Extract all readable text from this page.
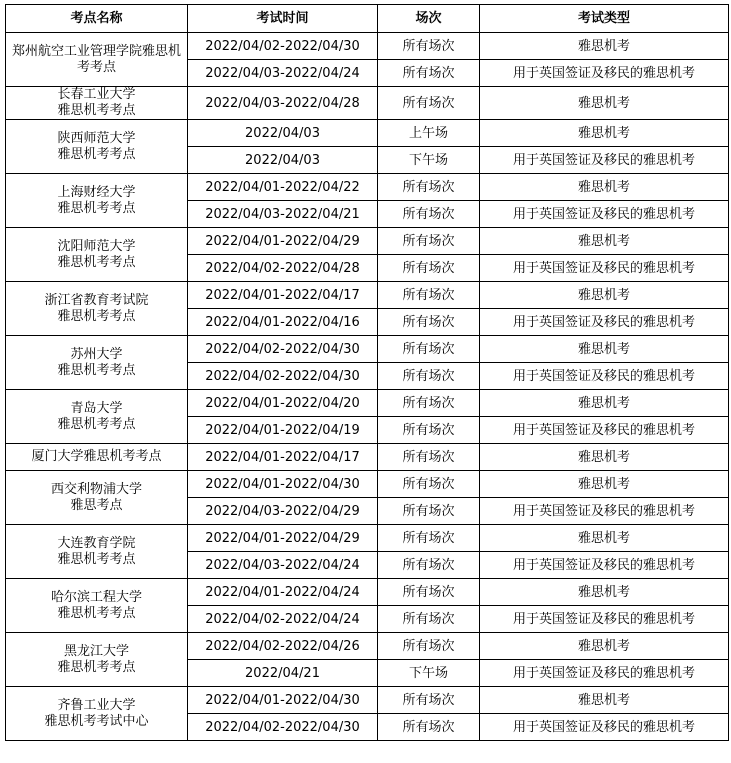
考点名称	考试时间	场次	考试类型

郑州航空工业管理学院雅思机考考点	2022/04/02-2022/04/30	所有场次	雅思机考
	2022/04/03-2022/04/24	所有场次	用于英国签证及移民的雅思机考

长春工业大学
雅思机考考点	2022/04/03-2022/04/28	所有场次	雅思机考

陕西师范大学
雅思机考考点	2022/04/03	上午场	雅思机考
	2022/04/03	下午场	用于英国签证及移民的雅思机考

上海财经大学
雅思机考考点	2022/04/01-2022/04/22	所有场次	雅思机考
	2022/04/03-2022/04/21	所有场次	用于英国签证及移民的雅思机考

沈阳师范大学
雅思机考考点	2022/04/01-2022/04/29	所有场次	雅思机考
	2022/04/02-2022/04/28	所有场次	用于英国签证及移民的雅思机考

浙江省教育考试院
雅思机考考点	2022/04/01-2022/04/17	所有场次	雅思机考
	2022/04/01-2022/04/16	所有场次	用于英国签证及移民的雅思机考

苏州大学
雅思机考考点	2022/04/02-2022/04/30	所有场次	雅思机考
	2022/04/02-2022/04/30	所有场次	用于英国签证及移民的雅思机考

青岛大学
雅思机考考点	2022/04/01-2022/04/20	所有场次	雅思机考
	2022/04/01-2022/04/19	所有场次	用于英国签证及移民的雅思机考

厦门大学雅思机考考点	2022/04/01-2022/04/17	所有场次	雅思机考

西交利物浦大学
雅思考点	2022/04/01-2022/04/30	所有场次	雅思机考
	2022/04/03-2022/04/29	所有场次	用于英国签证及移民的雅思机考

大连教育学院
雅思机考考点	2022/04/01-2022/04/29	所有场次	雅思机考
	2022/04/03-2022/04/24	所有场次	用于英国签证及移民的雅思机考

哈尔滨工程大学
雅思机考考点	2022/04/01-2022/04/24	所有场次	雅思机考
	2022/04/02-2022/04/24	所有场次	用于英国签证及移民的雅思机考

黑龙江大学
雅思机考考点	2022/04/02-2022/04/26	所有场次	雅思机考
	2022/04/21	下午场	用于英国签证及移民的雅思机考

齐鲁工业大学
雅思机考考试中心	2022/04/01-2022/04/30	所有场次	雅思机考
	2022/04/02-2022/04/30	所有场次	用于英国签证及移民的雅思机考
